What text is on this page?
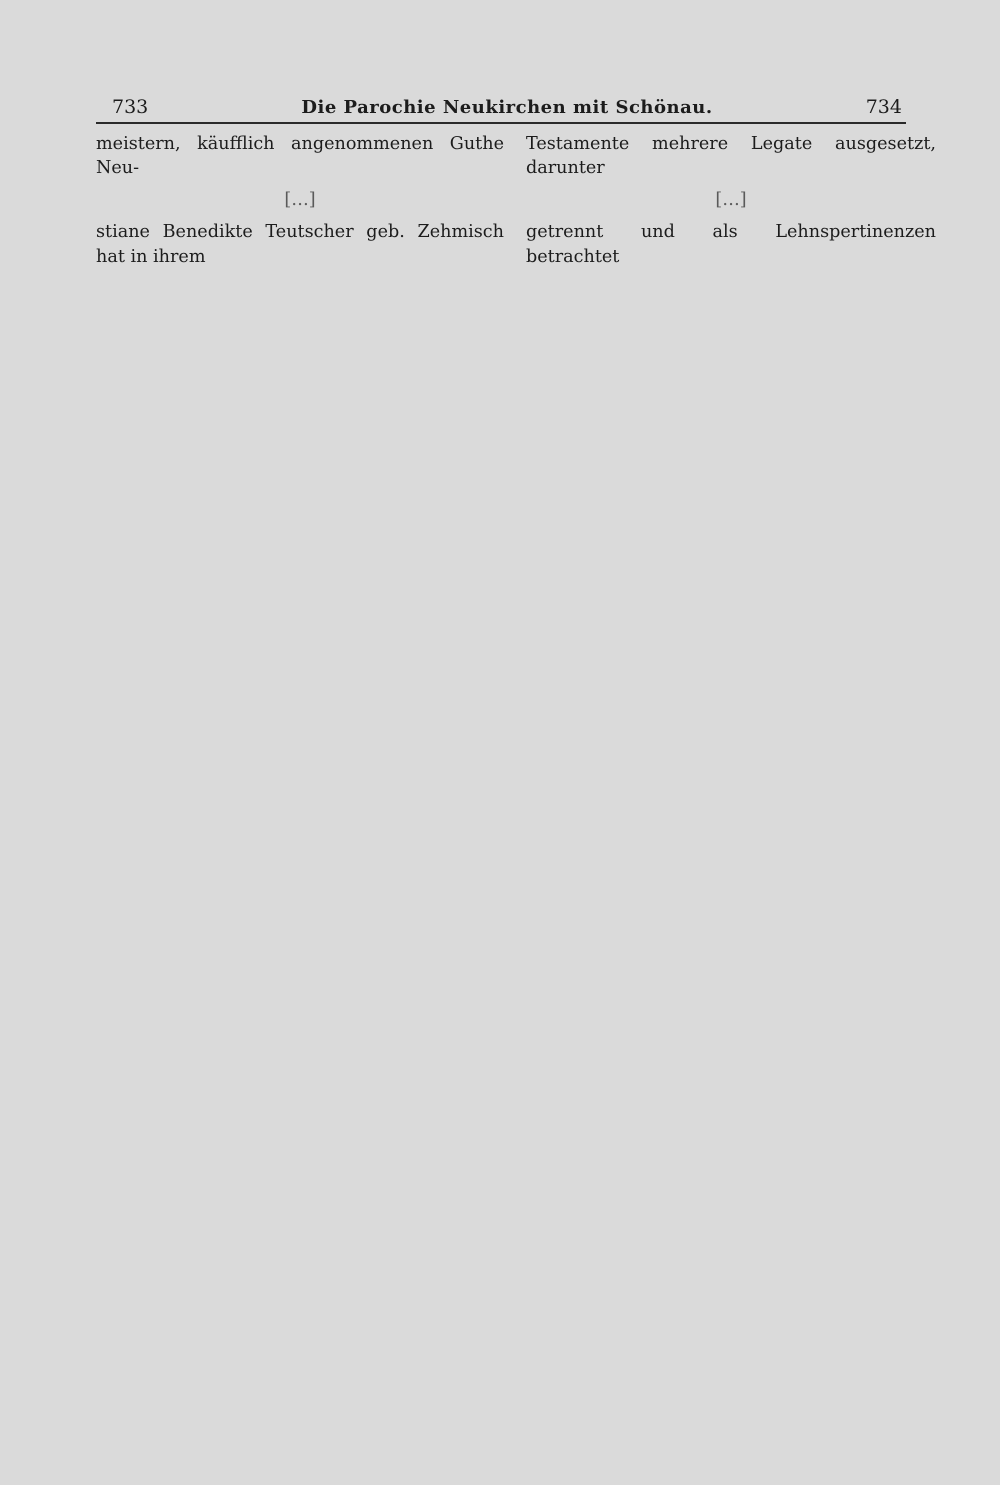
733	Die Parochie Neukirchen mit Schönau.	734

meistern, käufflich angenommenen Guthe Neu-

[…]

stiane Benedikte Teutscher geb. Zehmisch hat in ihrem

Testamente mehrere Legate ausgesetzt, darunter

[…]

getrennt und als Lehnspertinenzen betrachtet
